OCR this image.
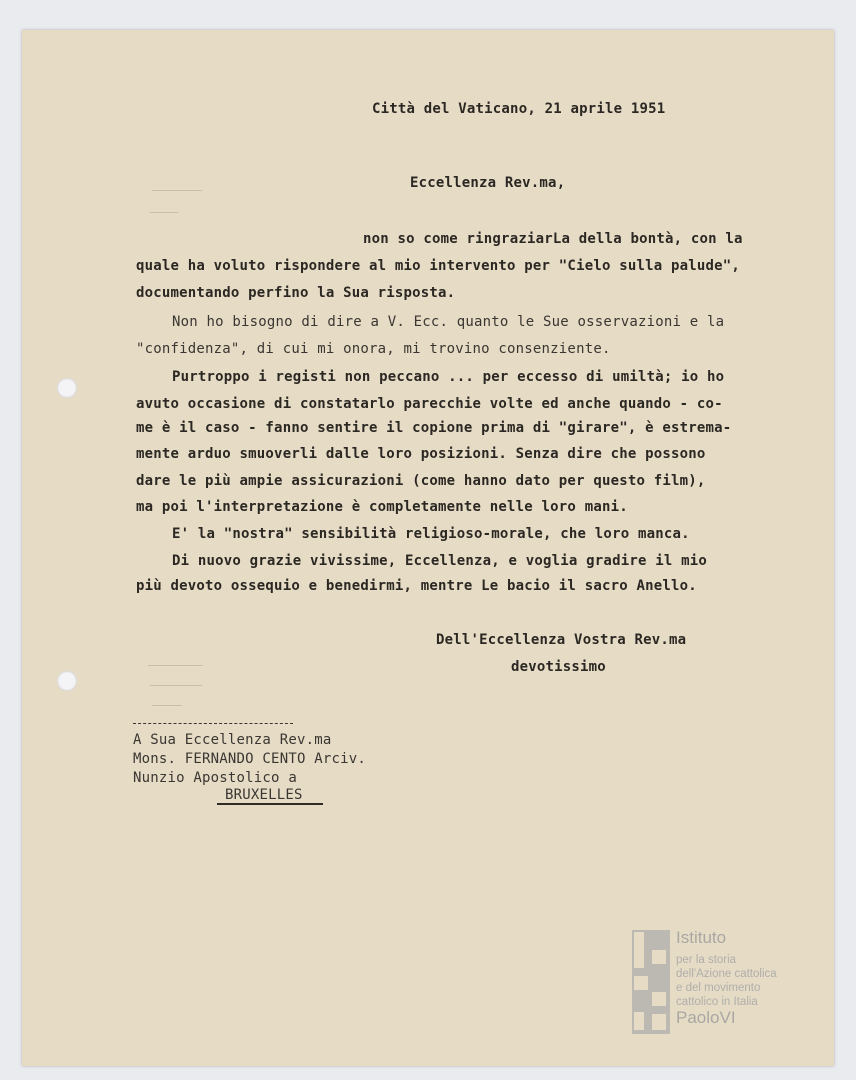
Città del Vaticano, 21 aprile 1951
Eccellenza Rev.ma,
non so come ringraziarLa della bontà, con la
quale ha voluto rispondere al mio intervento per "Cielo sulla palude",
documentando perfino la Sua risposta.
Non ho bisogno di dire a V. Ecc. quanto le Sue osservazioni e la
"confidenza", di cui mi onora, mi trovino consenziente.
Purtroppo i registi non peccano ... per eccesso di umiltà; io ho
avuto occasione di constatarlo parecchie volte ed anche quando - co-
me è il caso - fanno sentire il copione prima di "girare", è estrema-
mente arduo smuoverli dalle loro posizioni. Senza dire che possono
dare le più ampie assicurazioni (come hanno dato per questo film),
ma poi l'interpretazione è completamente nelle loro mani.
E' la "nostra" sensibilità religioso-morale, che loro manca.
Di nuovo grazie vivissime, Eccellenza, e voglia gradire il mio
più devoto ossequio e benedirmi, mentre Le bacio il sacro Anello.
Dell'Eccellenza Vostra Rev.ma
devotissimo
A Sua Eccellenza Rev.ma
Mons. FERNANDO CENTO Arciv.
Nunzio Apostolico a
BRUXELLES
Istituto
per la storia
dell'Azione cattolica
e del movimento
cattolico in Italia
PaoloVI
